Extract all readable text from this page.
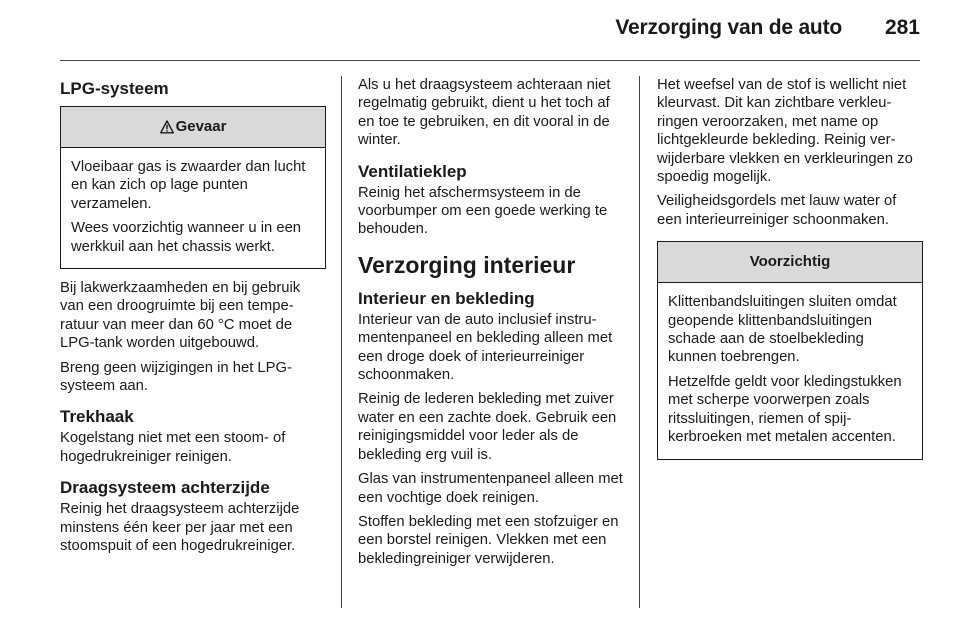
Verzorging van de auto 281
LPG-systeem
Gevaar

Vloeibaar gas is zwaarder dan lucht en kan zich op lage punten verzamelen.

Wees voorzichtig wanneer u in een werkkuil aan het chassis werkt.

Bij lakwerkzaamheden en bij gebruik van een droogruimte bij een temperatuur van meer dan 60 °C moet de LPG-tank worden uitgebouwd.

Breng geen wijzigingen in het LPG-systeem aan.

Trekhaak

Kogelstang niet met een stoom- of hogedrukreiniger reinigen.

Draagsysteem achterzijde

Reinig het draagsysteem achterzijde minstens één keer per jaar met een stoomspuit of een hogedrukreiniger.

Als u het draagsysteem achteraan niet regelmatig gebruikt, dient u het toch af en toe te gebruiken, en dit vooral in de winter.

Ventilatieklep

Reinig het afschermsysteem in de voorbumper om een goede werking te behouden.

Verzorging interieur
Interieur en bekleding

Interieur van de auto inclusief instrumentenpaneel en bekleding alleen met een droge doek of interieurreiniger schoonmaken.

Reinig de lederen bekleding met zuiver water en een zachte doek. Gebruik een reinigingsmiddel voor leder als de bekleding erg vuil is.

Glas van instrumentenpaneel alleen met een vochtige doek reinigen.

Stoffen bekleding met een stofzuiger en een borstel reinigen. Vlekken met een bekledingreiniger verwijderen.

Het weefsel van de stof is wellicht niet kleurvast. Dit kan zichtbare verkleuringen veroorzaken, met name op lichtgekleurde bekleding. Reinig verwijderbare vlekken en verkleuringen zo spoedig mogelijk.

Veiligheidsgordels met lauw water of een interieurreiniger schoonmaken.

Voorzichtig

Klittenbandsluitingen sluiten omdat geopende klittenbandsluitingen schade aan de stoelbekleding kunnen toebrengen.

Hetzelfde geldt voor kledingstukken met scherpe voorwerpen zoals ritssluitingen, riemen of spijkerbroeken met metalen accenten.
